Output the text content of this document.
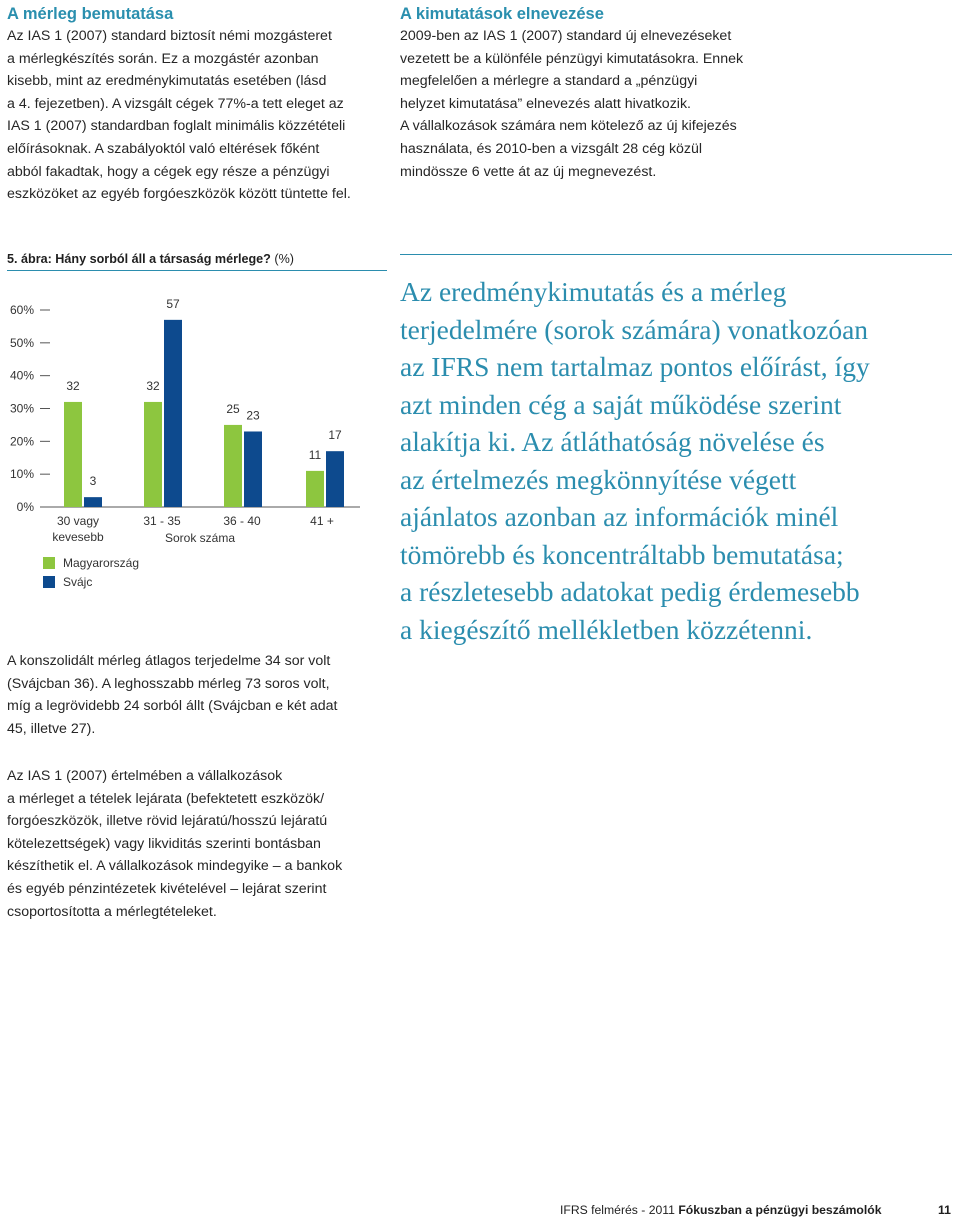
A mérleg bemutatása
Az IAS 1 (2007) standard biztosít némi mozgásteret
a mérlegkészítés során. Ez a mozgástér azonban
kisebb, mint az eredménykimutatás esetében (lásd
a 4. fejezetben). A vizsgált cégek 77%-a tett eleget az
IAS 1 (2007) standardban foglalt minimális közzétételi
előírásoknak. A szabályoktól való eltérések főként
abból fakadtak, hogy a cégek egy része a pénzügyi
eszközöket az egyéb forgóeszközök között tüntette fel.
A kimutatások elnevezése
2009-ben az IAS 1 (2007) standard új elnevezéseket
vezetett be a különféle pénzügyi kimutatásokra. Ennek
megfelelően a mérlegre a standard a „pénzügyi
helyzet kimutatása” elnevezés alatt hivatkozik.
A vállalkozások számára nem kötelező az új kifejezés
használata, és 2010-ben a vizsgált 28 cég közül
mindössze 6 vette át az új megnevezést.
5. ábra: Hány sorból áll a társaság mérlege? (%)
0%
10%
20%
30%
40%
50%
60%
32	32
25
11
3
57
23
17
30 vagy
kevesebb
31 - 35	36 - 40	41 +
Sorok száma
Magyarország
Svájc
A konszolidált mérleg átlagos terjedelme 34 sor volt
(Svájcban 36). A leghosszabb mérleg 73 soros volt,
míg a legrövidebb 24 sorból állt (Svájcban e két adat
45, illetve 27).
Az IAS 1 (2007) értelmében a vállalkozások
a mérleget a tételek lejárata (befektetett eszközök/
forgóeszközök, illetve rövid lejáratú/hosszú lejáratú
kötelezettségek) vagy likviditás szerinti bontásban
készíthetik el. A vállalkozások mindegyike – a bankok
és egyéb pénzintézetek kivételével – lejárat szerint
csoportosította a mérlegtételeket.
Az eredménykimutatás és a mérleg
terjedelmére (sorok számára) vonatkozóan
az IFRS nem tartalmaz pontos előírást, így
azt minden cég a saját működése szerint
alakítja ki. Az átláthatóság növelése és
az értelmezés megkönnyítése végett
ajánlatos azonban az információk minél
tömörebb és koncentráltabb bemutatása;
a részletesebb adatokat pedig érdemesebb
a kiegészítő mellékletben közzétenni.
IFRS felmérés - 2011 Fókuszban a pénzügyi beszámolók	11
